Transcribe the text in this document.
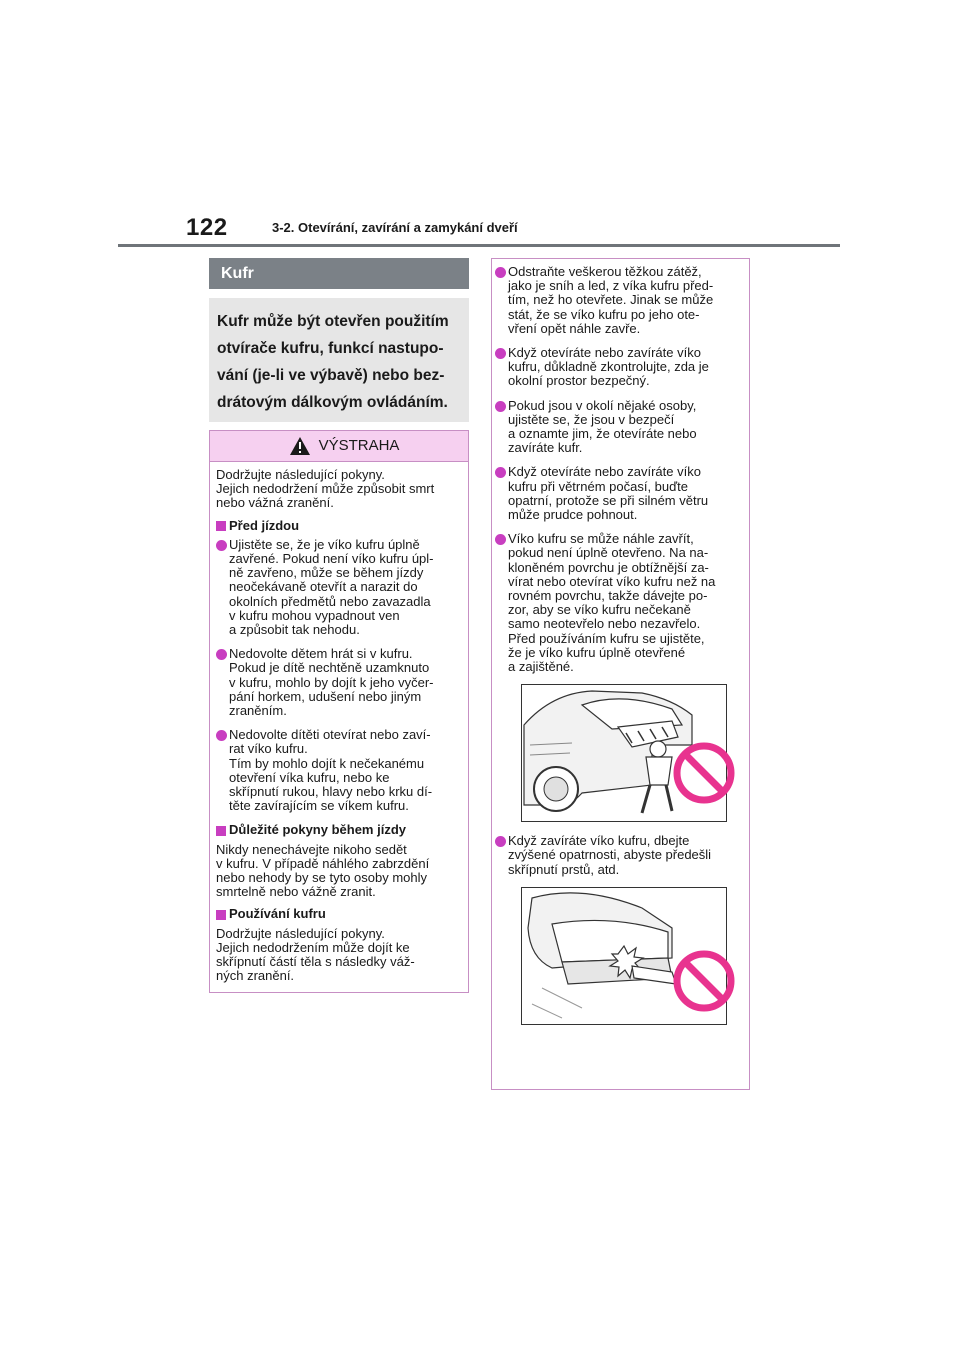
122	3-2. Otevírání, zavírání a zamykání dveří
Kufr
Kufr může být otevřen použitím
otvírače kufru, funkcí nastupo-
vání (je-li ve výbavě) nebo bez-
drátovým dálkovým ovládáním.
VÝSTRAHA
Dodržujte následující pokyny.
Jejich nedodržení může způsobit smrt
nebo vážná zranění.
Před jízdou
Ujistěte se, že je víko kufru úplně
zavřené. Pokud není víko kufru úpl-
ně zavřeno, může se během jízdy
neočekávaně otevřít a narazit do
okolních předmětů nebo zavazadla
v kufru mohou vypadnout ven
a způsobit tak nehodu.
Nedovolte dětem hrát si v kufru.
Pokud je dítě nechtěně uzamknuto
v kufru, mohlo by dojít k jeho vyčer-
pání horkem, udušení nebo jiným
zraněním.
Nedovolte dítěti otevírat nebo zaví-
rat víko kufru.
Tím by mohlo dojít k nečekanému
otevření víka kufru, nebo ke
skřípnutí rukou, hlavy nebo krku dí-
těte zavírajícím se víkem kufru.
Důležité pokyny během jízdy
Nikdy nenechávejte nikoho sedět
v kufru. V případě náhlého zabrzdění
nebo nehody by se tyto osoby mohly
smrtelně nebo vážně zranit.
Používání kufru
Dodržujte následující pokyny.
Jejich nedodržením může dojít ke
skřípnutí částí těla s následky váž-
ných zranění.
Odstraňte veškerou těžkou zátěž,
jako je sníh a led, z víka kufru před-
tím, než ho otevřete. Jinak se může
stát, že se víko kufru po jeho ote-
vření opět náhle zavře.
Když otevíráte nebo zavíráte víko
kufru, důkladně zkontrolujte, zda je
okolní prostor bezpečný.
Pokud jsou v okolí nějaké osoby,
ujistěte se, že jsou v bezpečí
a oznamte jim, že otevíráte nebo
zavíráte kufr.
Když otevíráte nebo zavíráte víko
kufru při větrném počasí, buďte
opatrní, protože se při silném větru
může prudce pohnout.
Víko kufru se může náhle zavřít,
pokud není úplně otevřeno. Na na-
kloněném povrchu je obtížnější za-
vírat nebo otevírat víko kufru než na
rovném povrchu, takže dávejte po-
zor, aby se víko kufru nečekaně
samo neotevřelo nebo nezavřelo.
Před používáním kufru se ujistěte,
že je víko kufru úplně otevřené
a zajištěné.
Když zavíráte víko kufru, dbejte
zvýšené opatrnosti, abyste předešli
skřípnutí prstů, atd.
